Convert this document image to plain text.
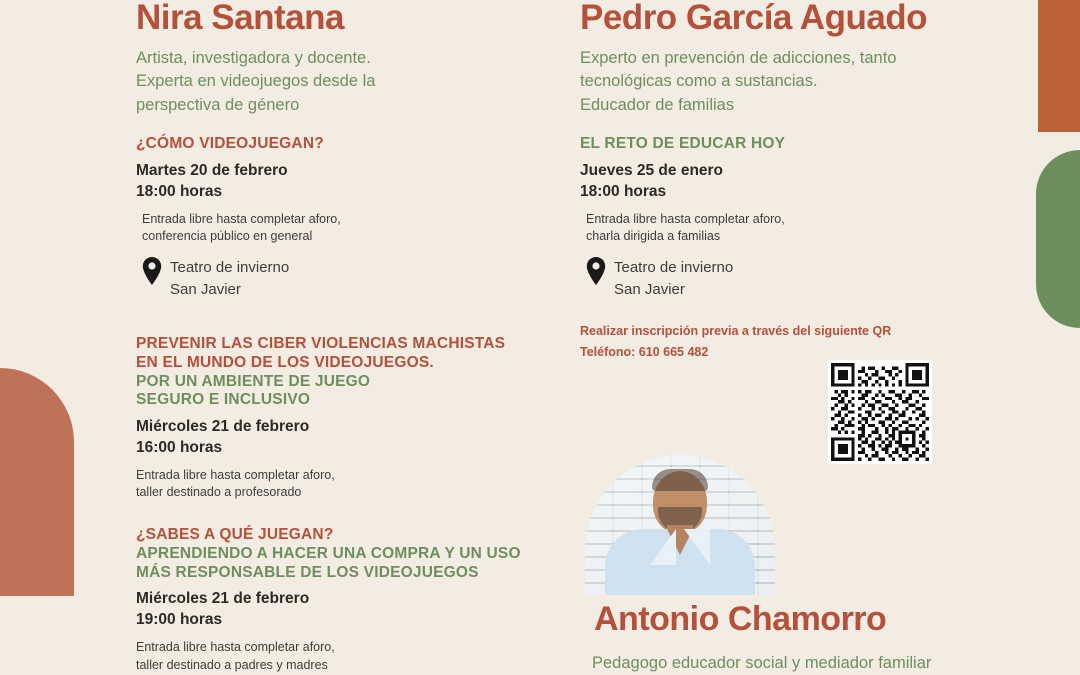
Nira Santana
Artista, investigadora y docente.
Experta en videojuegos desde la
perspectiva de género
¿CÓMO VIDEOJUEGAN?
Martes 20 de febrero
18:00 horas
Entrada libre hasta completar aforo,
conferencia público en general
Teatro de invierno
San Javier
PREVENIR LAS CIBER VIOLENCIAS MACHISTAS
EN EL MUNDO DE LOS VIDEOJUEGOS.
POR UN AMBIENTE DE JUEGO
SEGURO E INCLUSIVO
Miércoles 21 de febrero
16:00 horas
Entrada libre hasta completar aforo,
taller destinado a profesorado
¿SABES A QUÉ JUEGAN?
APRENDIENDO A HACER UNA COMPRA Y UN USO
MÁS RESPONSABLE DE LOS VIDEOJUEGOS
Miércoles 21 de febrero
19:00 horas
Entrada libre hasta completar aforo,
taller destinado a padres y madres
Pedro García Aguado
Experto en prevención de adicciones, tanto
tecnológicas como a sustancias.
Educador de familias
EL RETO DE EDUCAR HOY
Jueves 25 de enero
18:00 horas
Entrada libre hasta completar aforo,
charla dirigida a familias
Teatro de invierno
San Javier
Realizar inscripción previa a través del siguiente QR
Teléfono: 610 665 482
Antonio Chamorro
Pedagogo educador social y mediador familiar
